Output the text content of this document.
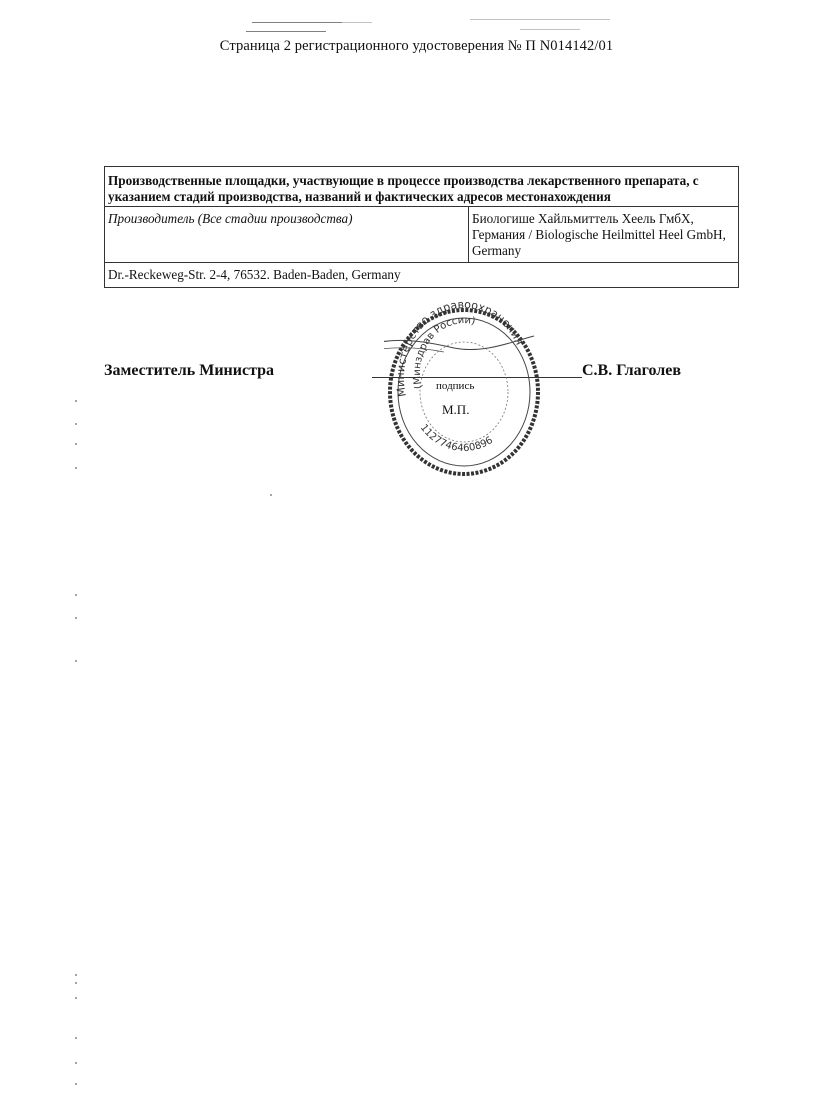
Страница 2 регистрационного удостоверения № П N014142/01
Производственные площадки, участвующие в процессе производства лекарственного препарата, с указанием стадий производства, названий и фактических адресов местонахождения
Производитель (Все стадии производства)	Биологише Хайльмиттель Хеель ГмбХ, Германия / Biologische Heilmittel Heel GmbH, Germany
Dr.-Reckeweg-Str. 2-4, 76532. Baden-Baden, Germany
Заместитель Министра	С.В. Глаголев
Министерство здравоохранения
(Минздрав России)
1127746460896
подпись
М.П.
